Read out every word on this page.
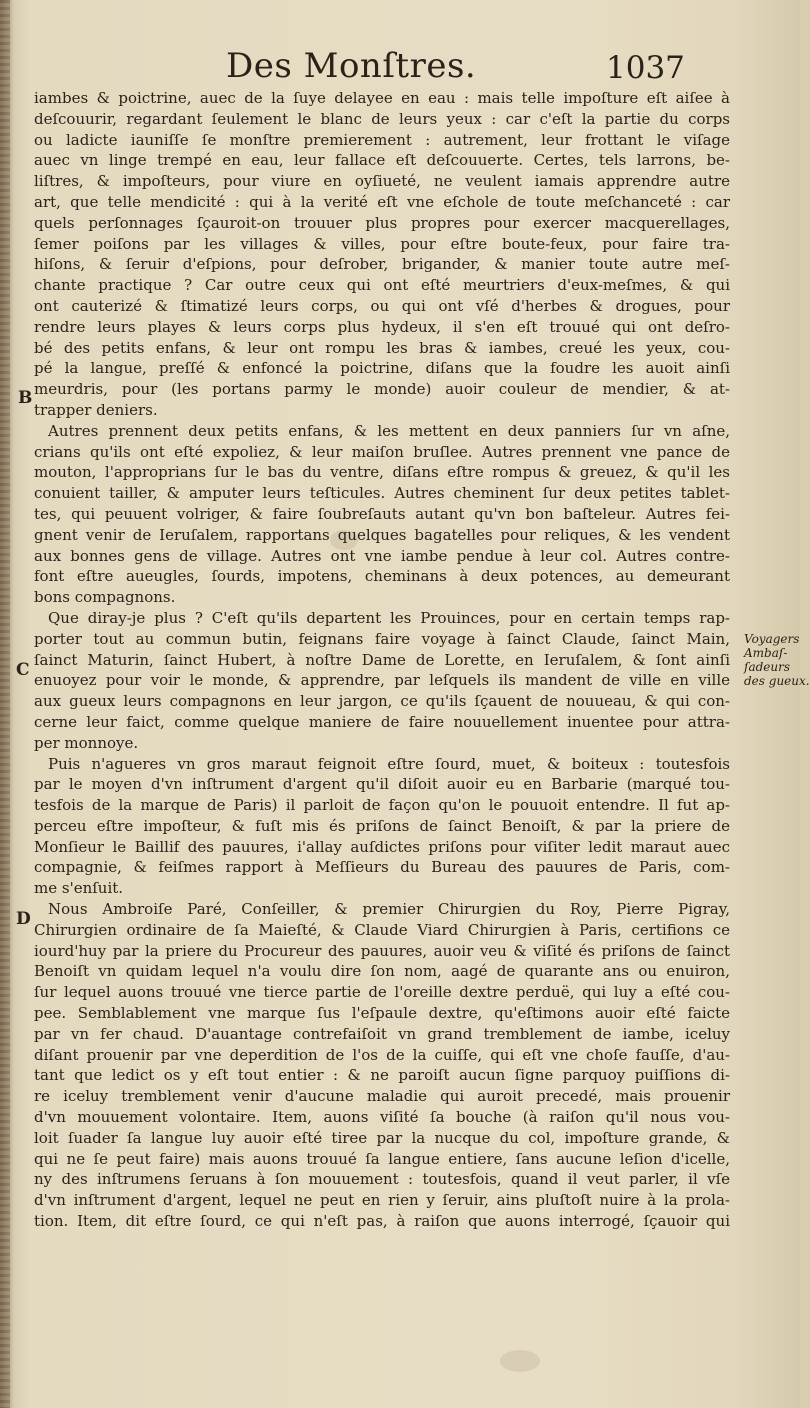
Des Monſtres.	1037
B
C
D
Voyagers
Ambaſ-
ſadeurs
des gueux.
iambes & poictrine, auec de la ſuye delayee en eau : mais telle impoſture eſt aiſee à
deſcouurir, regardant ſeulement le blanc de leurs yeux : car c'eſt la partie du corps
ou ladicte iauniſſe ſe monſtre premierement : autrement, leur frottant le viſage
auec vn linge trempé en eau, leur fallace eſt deſcouuerte. Certes, tels larrons, be-
liſtres, & impoſteurs, pour viure en oyſiueté, ne veulent iamais apprendre autre
art, que telle mendicité : qui à la verité eſt vne eſchole de toute meſchanceté : car
quels perſonnages ſçauroit-on trouuer plus propres pour exercer macquerellages,
ſemer poiſons par les villages & villes, pour eſtre boute-feux, pour faire tra-
hiſons, & ſeruir d'eſpions, pour deſrober, brigander, & manier toute autre meſ-
chante practique ? Car outre ceux qui ont eſté meurtriers d'eux-meſmes, & qui
ont cauterizé & ſtimatizé leurs corps, ou qui ont vſé d'herbes & drogues, pour
rendre leurs playes & leurs corps plus hydeux, il s'en eſt trouué qui ont deſro-
bé des petits enfans, & leur ont rompu les bras & iambes, creué les yeux, cou-
pé la langue, preſſé & enfoncé la poictrine, diſans que la foudre les auoit ainſi
meurdris, pour (les portans parmy le monde) auoir couleur de mendier, & at-
trapper deniers.
Autres prennent deux petits enfans, & les mettent en deux panniers ſur vn aſne,
crians qu'ils ont eſté expoliez, & leur maiſon bruſlee. Autres prennent vne pance de
mouton, l'approprians ſur le bas du ventre, diſans eſtre rompus & greuez, & qu'il les
conuient tailler, & amputer leurs teſticules. Autres cheminent ſur deux petites tablet-
tes, qui peuuent volriger, & faire ſoubreſauts autant qu'vn bon baſteleur. Autres fei-
gnent venir de Ieruſalem, rapportans quelques bagatelles pour reliques, & les vendent
aux bonnes gens de village. Autres ont vne iambe pendue à leur col. Autres contre-
font eſtre aueugles, ſourds, impotens, cheminans à deux potences, au demeurant
bons compagnons.
Que diray-je plus ? C'eſt qu'ils departent les Prouinces, pour en certain temps rap-
porter tout au commun butin, feignans faire voyage à ſainct Claude, ſainct Main,
ſainct Maturin, ſainct Hubert, à noſtre Dame de Lorette, en Ieruſalem, & ſont ainſi
enuoyez pour voir le monde, & apprendre, par leſquels ils mandent de ville en ville
aux gueux leurs compagnons en leur jargon, ce qu'ils ſçauent de nouueau, & qui con-
cerne leur faict, comme quelque maniere de faire nouuellement inuentee pour attra-
per monnoye.
Puis n'agueres vn gros maraut feignoit eſtre ſourd, muet, & boiteux : toutesfois
par le moyen d'vn inſtrument d'argent qu'il diſoit auoir eu en Barbarie (marqué tou-
tesfois de la marque de Paris) il parloit de façon qu'on le pouuoit entendre. Il fut ap-
perceu eſtre impoſteur, & fuſt mis és priſons de ſainct Benoiſt, & par la priere de
Monſieur le Baillif des pauures, i'allay auſdictes priſons pour viſiter ledit maraut auec
compagnie, & feiſmes rapport à Meſſieurs du Bureau des pauures de Paris, com-
me s'enſuit.
Nous Ambroiſe Paré, Conſeiller, & premier Chirurgien du Roy, Pierre Pigray,
Chirurgien ordinaire de ſa Maieſté, & Claude Viard Chirurgien à Paris, certifions ce
iourd'huy par la priere du Procureur des pauures, auoir veu & viſité és priſons de ſainct
Benoiſt vn quidam lequel n'a voulu dire ſon nom, aagé de quarante ans ou enuiron,
ſur lequel auons trouué vne tierce partie de l'oreille dextre perduë, qui luy a eſté cou-
pee. Semblablement vne marque ſus l'eſpaule dextre, qu'eſtimons auoir eſté faicte
par vn fer chaud. D'auantage contrefaiſoit vn grand tremblement de iambe, iceluy
diſant prouenir par vne deperdition de l'os de la cuiſſe, qui eſt vne choſe fauſſe, d'au-
tant que ledict os y eſt tout entier : & ne paroiſt aucun ſigne parquoy puiſſions di-
re iceluy tremblement venir d'aucune maladie qui auroit precedé, mais prouenir
d'vn mouuement volontaire. Item, auons viſité ſa bouche (à raiſon qu'il nous vou-
loit ſuader ſa langue luy auoir eſté tiree par la nucque du col, impoſture grande, &
qui ne ſe peut faire) mais auons trouué ſa langue entiere, ſans aucune leſion d'icelle,
ny des inſtrumens ſeruans à ſon mouuement : toutesfois, quand il veut parler, il vſe
d'vn inſtrument d'argent, lequel ne peut en rien y ſeruir, ains pluſtoſt nuire à la prola-
tion. Item, dit eſtre ſourd, ce qui n'eſt pas, à raiſon que auons interrogé, ſçauoir qui
